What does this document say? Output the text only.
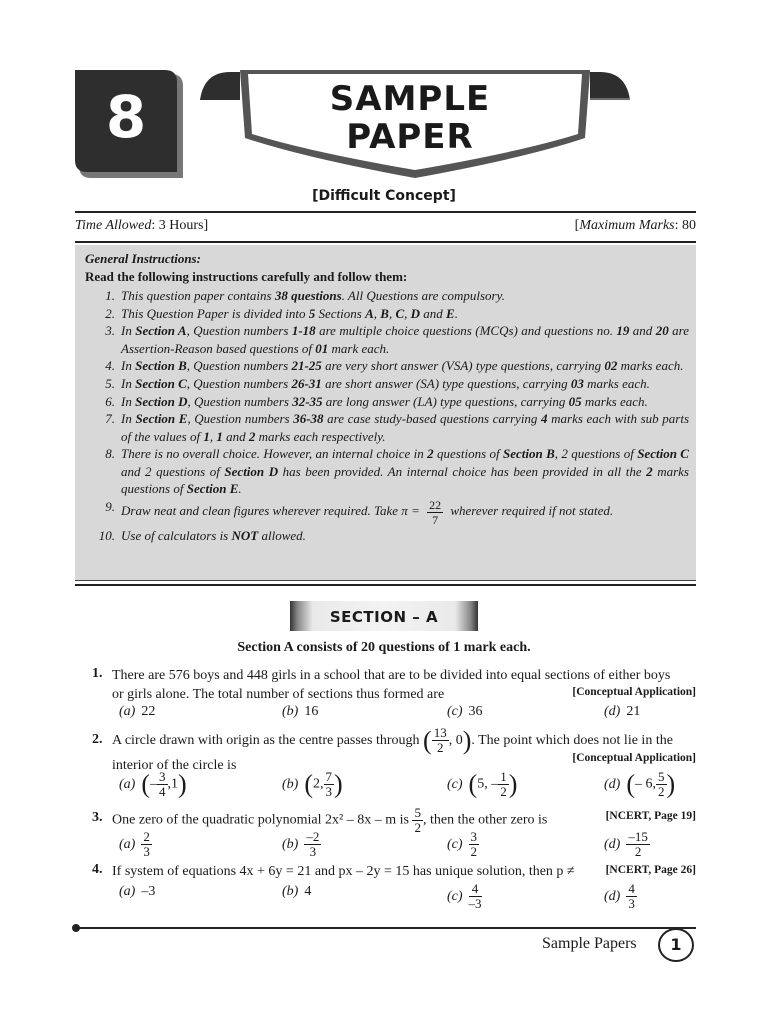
8	SAMPLE
PAPER
[Difficult Concept]
Time Allowed: 3 Hours]	[Maximum Marks: 80
General Instructions:
Read the following instructions carefully and follow them:
1. This question paper contains 38 questions. All Questions are compulsory.
2. This Question Paper is divided into 5 Sections A, B, C, D and E.
3. In Section A, Question numbers 1-18 are multiple choice questions (MCQs) and questions no. 19 and 20 are Assertion-Reason based questions of 01 mark each.
4. In Section B, Question numbers 21-25 are very short answer (VSA) type questions, carrying 02 marks each.
5. In Section C, Question numbers 26-31 are short answer (SA) type questions, carrying 03 marks each.
6. In Section D, Question numbers 32-35 are long answer (LA) type questions, carrying 05 marks each.
7. In Section E, Question numbers 36-38 are case study-based questions carrying 4 marks each with sub parts of the values of 1, 1 and 2 marks each respectively.
8. There is no overall choice. However, an internal choice in 2 questions of Section B, 2 questions of Section C and 2 questions of Section D has been provided. An internal choice has been provided in all the 2 marks questions of Section E.
9. Draw neat and clean figures wherever required. Take $\pi = \frac{22}{7}$ wherever required if not stated.
10. Use of calculators is NOT allowed.
SECTION – A
Section A consists of 20 questions of 1 mark each.
1. There are 576 boys and 448 girls in a school that are to be divided into equal sections of either boys
or girls alone. The total number of sections thus formed are	[Conceptual Application]
(a) 22	(b) 16	(c) 36	(d) 21
2. A circle drawn with origin as the centre passes through ( $\frac{13}{2}$ , 0). The point which does not lie in the
interior of the circle is	[Conceptual Application]
(a) (– $\frac{3}{4} ,1$)	(b) (2, $\frac{7}{3}$ )	(c) (5, – $\frac{1}{2}$ )	(d) (– 6, $\frac{5}{2}$ )
3. One zero of the quadratic polynomial 2x² – 8x – m is $\frac{5}{2}$ , then the other zero is	[NCERT, Page 19]
$(a) \frac{2}{3}$	$(b) \frac{-2}{3}$	$(c) \frac{3}{2}$	$(d) \frac{-15}{2}$
4. If system of equations 4x + 6y = 21 and px – 2y = 15 has unique solution, then p ≠	[NCERT, Page 26]
(a) –3	(b) 4	$(c) \frac{4}{-3}$	$(d) \frac{4}{3}$
Sample Papers	1
